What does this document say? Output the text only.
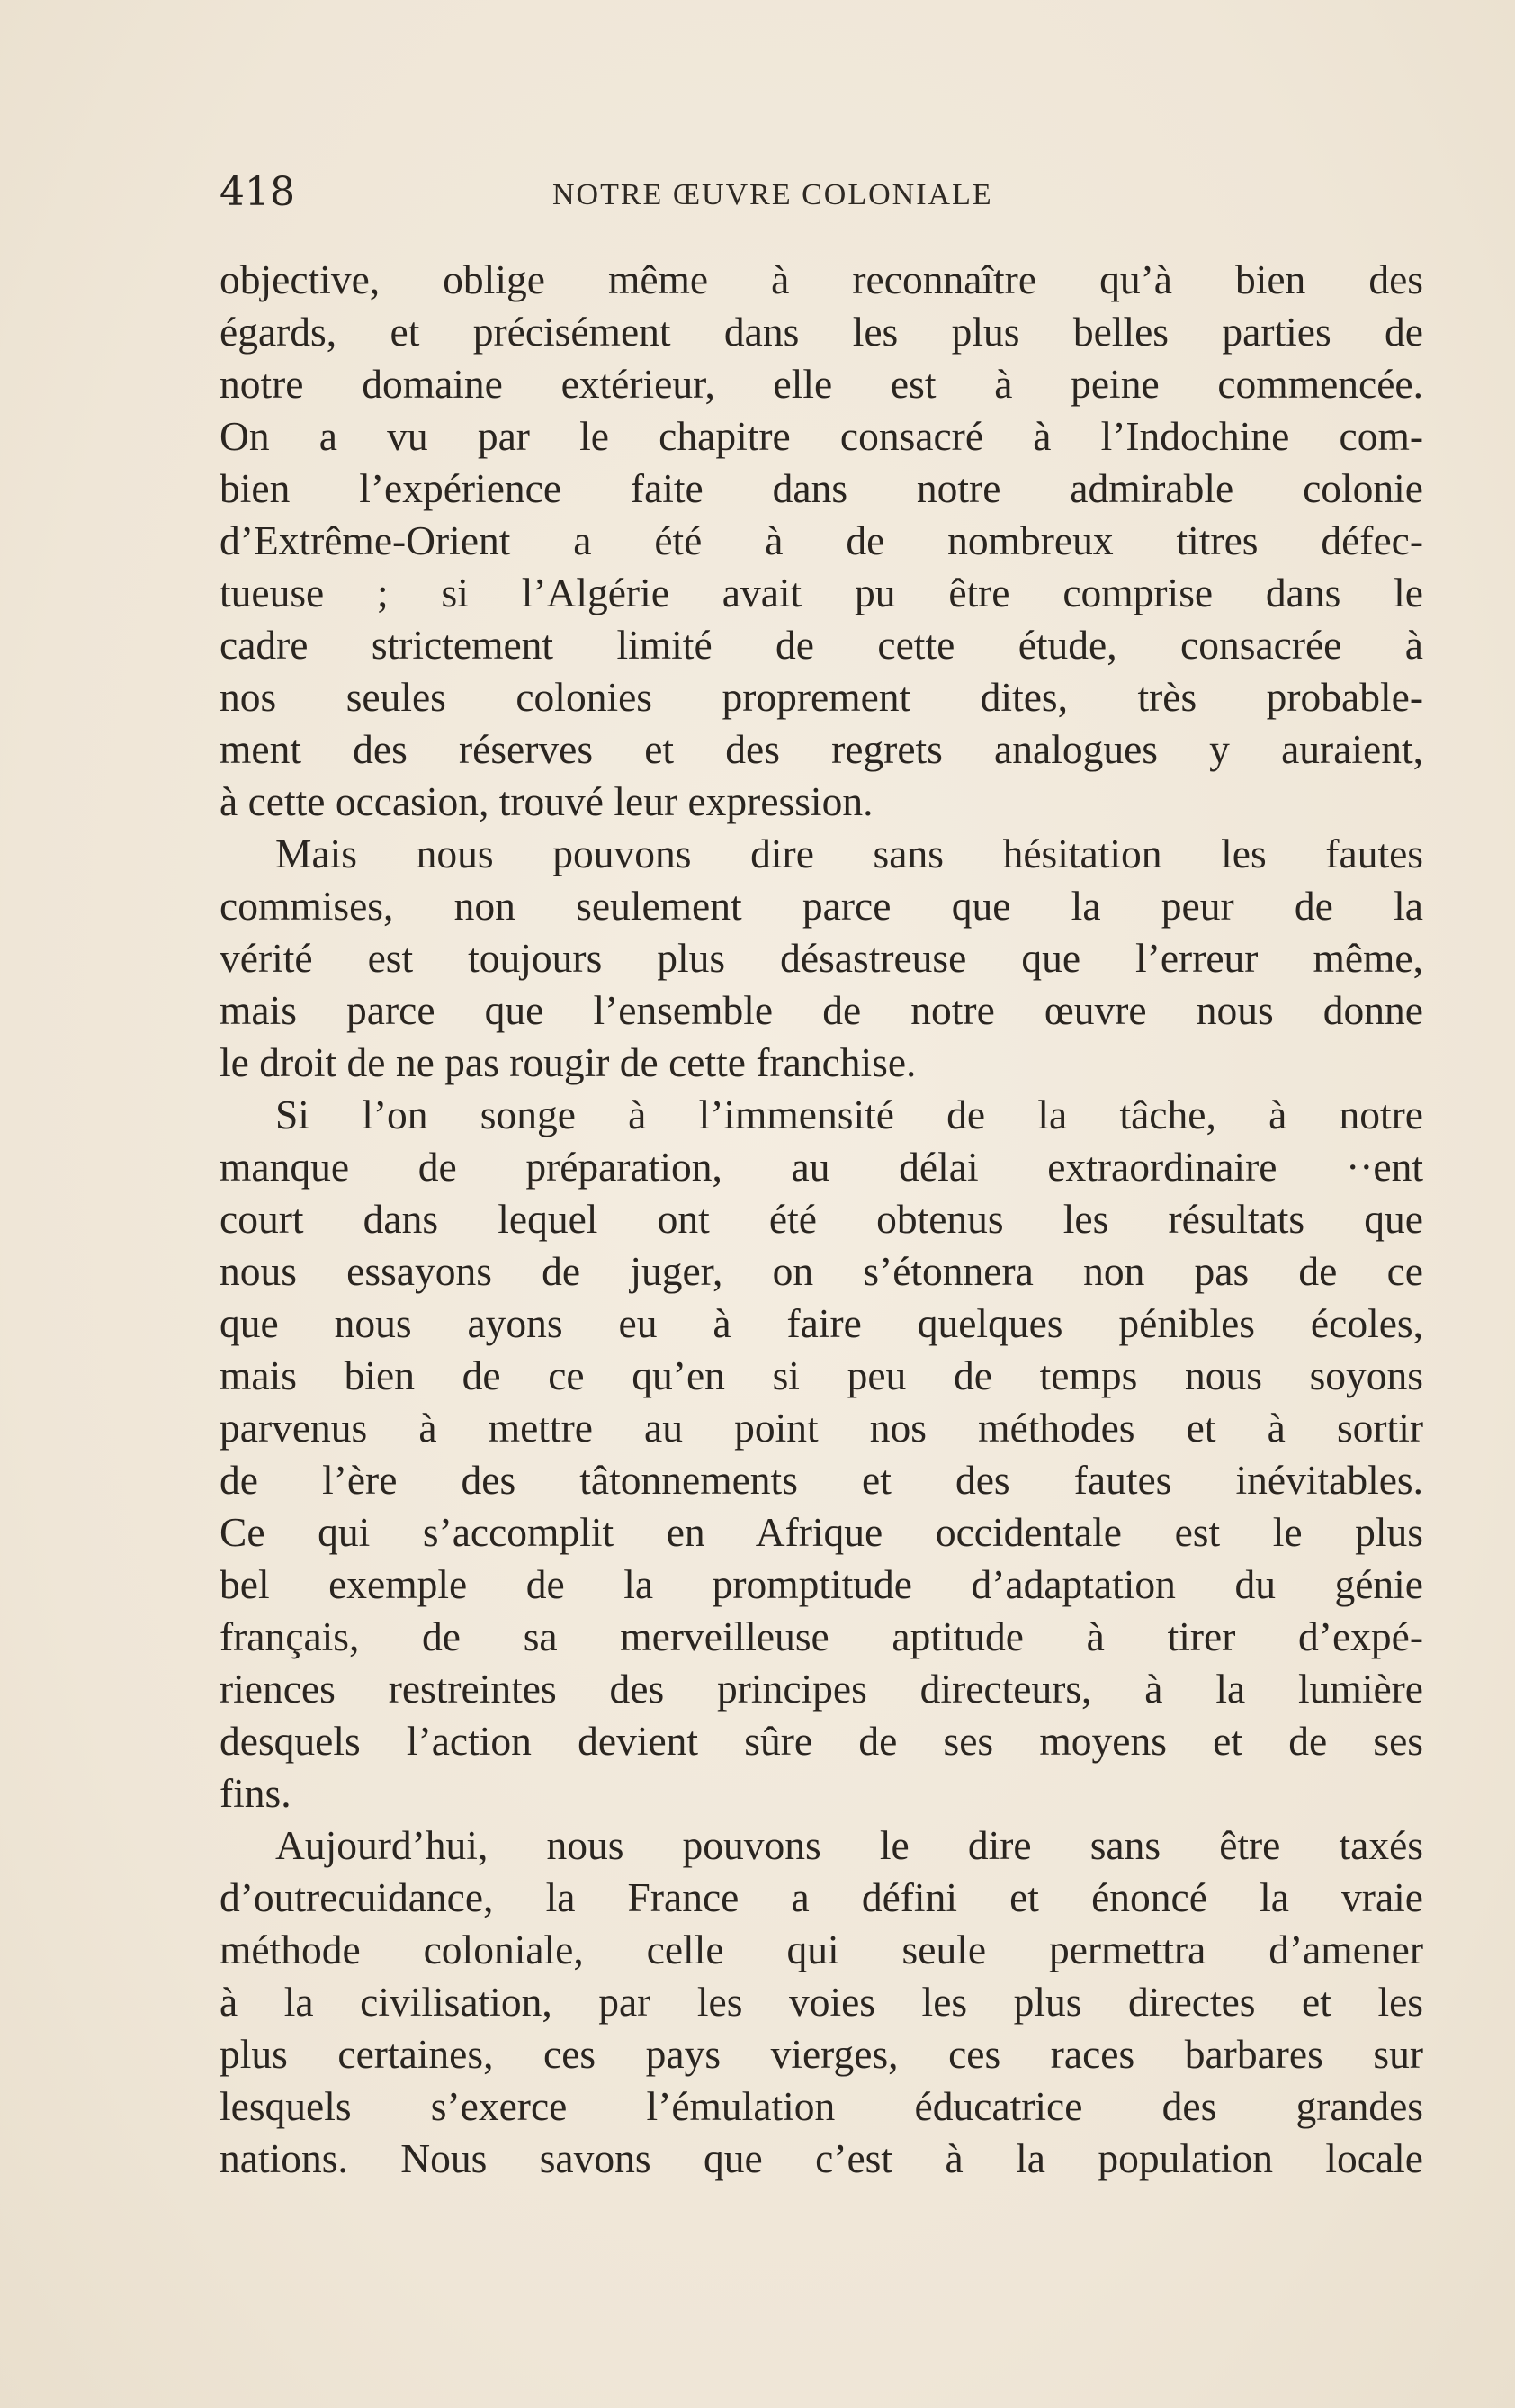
418	NOTRE ŒUVRE COLONIALE
objective, oblige même à reconnaître qu’à bien des
égards, et précisément dans les plus belles parties de
notre domaine extérieur, elle est à peine commencée.
On a vu par le chapitre consacré à l’Indochine com-
bien l’expérience faite dans notre admirable colonie
d’Extrême-Orient a été à de nombreux titres défec-
tueuse ; si l’Algérie avait pu être comprise dans le
cadre strictement limité de cette étude, consacrée à
nos seules colonies proprement dites, très probable-
ment des réserves et des regrets analogues y auraient,
à cette occasion, trouvé leur expression.
Mais nous pouvons dire sans hésitation les fautes
commises, non seulement parce que la peur de la
vérité est toujours plus désastreuse que l’erreur même,
mais parce que l’ensemble de notre œuvre nous donne
le droit de ne pas rougir de cette franchise.
Si l’on songe à l’immensité de la tâche, à notre
manque de préparation, au délai extraordinaire ··ent
court dans lequel ont été obtenus les résultats que
nous essayons de juger, on s’étonnera non pas de ce
que nous ayons eu à faire quelques pénibles écoles,
mais bien de ce qu’en si peu de temps nous soyons
parvenus à mettre au point nos méthodes et à sortir
de l’ère des tâtonnements et des fautes inévitables.
Ce qui s’accomplit en Afrique occidentale est le plus
bel exemple de la promptitude d’adaptation du génie
français, de sa merveilleuse aptitude à tirer d’expé-
riences restreintes des principes directeurs, à la lumière
desquels l’action devient sûre de ses moyens et de ses
fins.
Aujourd’hui, nous pouvons le dire sans être taxés
d’outrecuidance, la France a défini et énoncé la vraie
méthode coloniale, celle qui seule permettra d’amener
à la civilisation, par les voies les plus directes et les
plus certaines, ces pays vierges, ces races barbares sur
lesquels s’exerce l’émulation éducatrice des grandes
nations. Nous savons que c’est à la population locale
